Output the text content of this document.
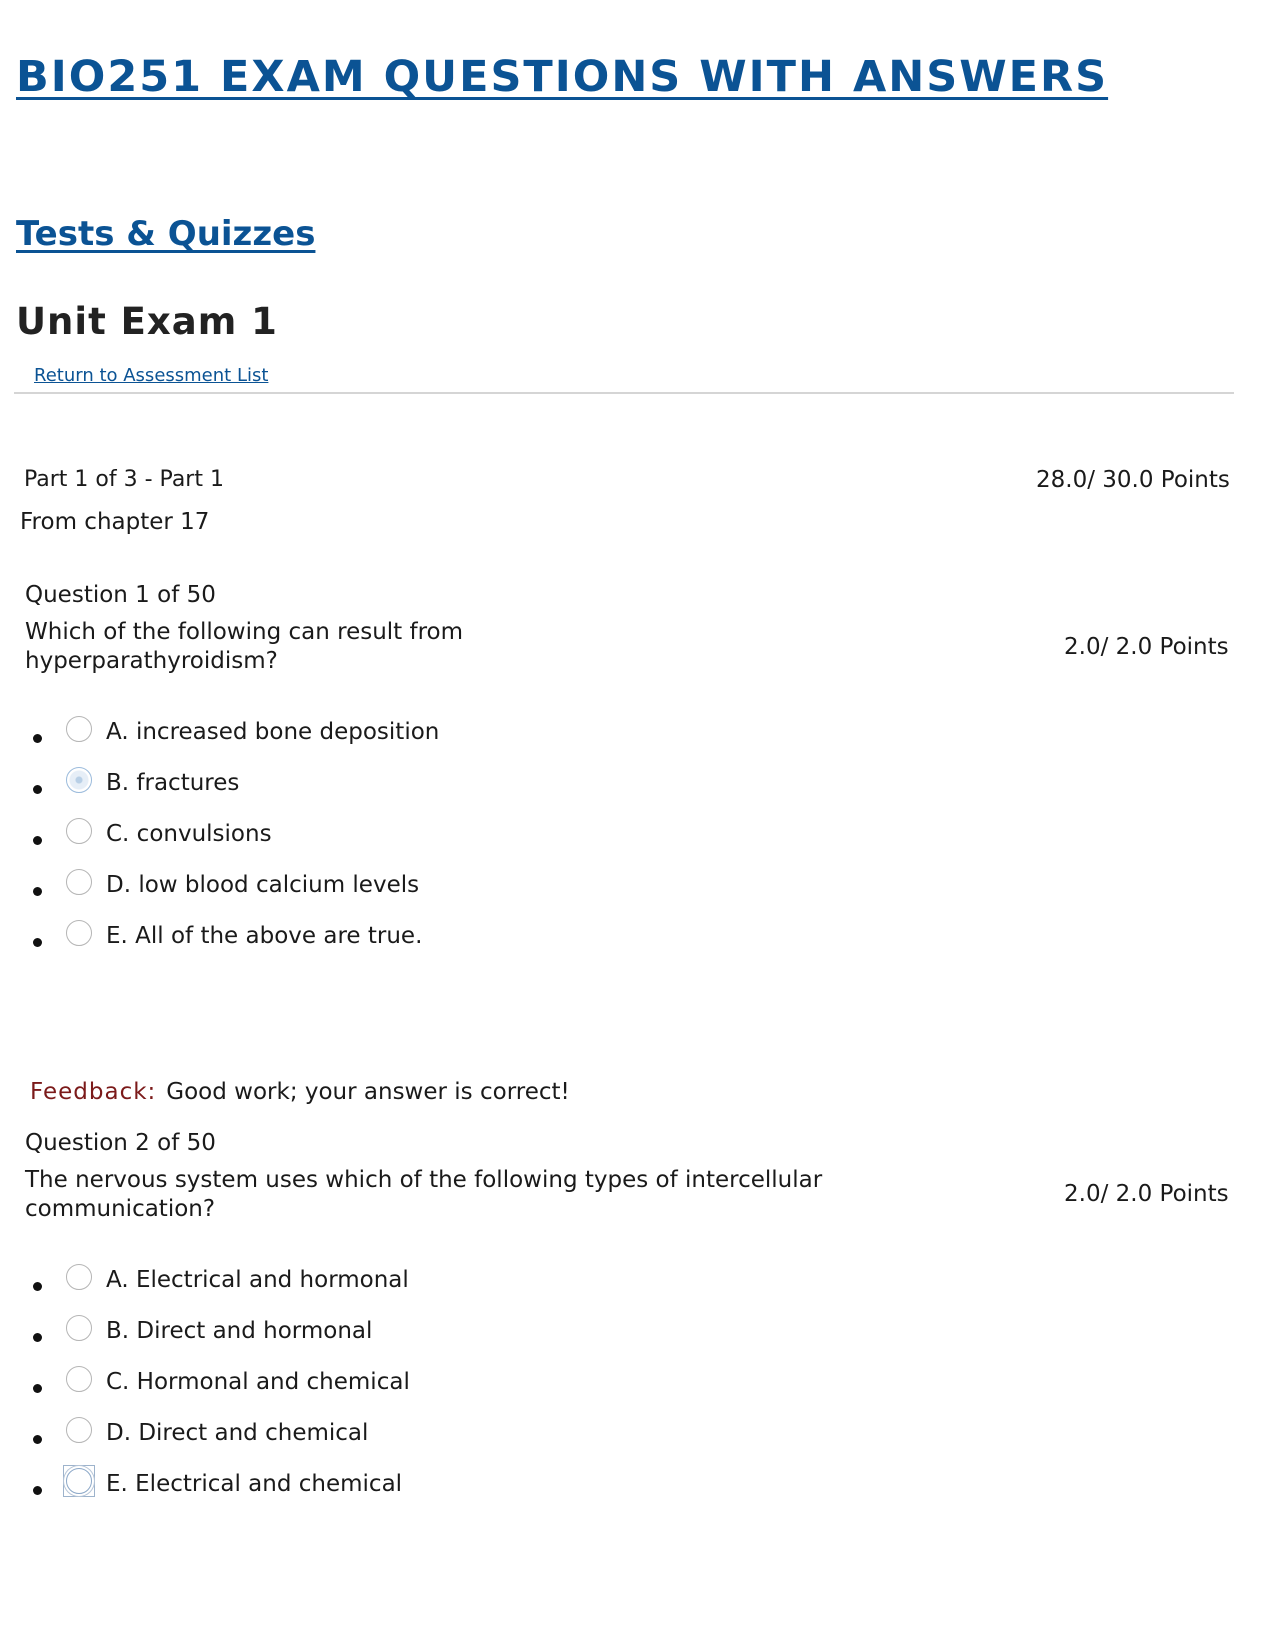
BIO251 EXAM QUESTIONS WITH ANSWERS
Tests & Quizzes
Unit Exam 1
Return to Assessment List
Part 1 of 3 - Part 1	28.0/ 30.0 Points
From chapter 17
Question 1 of 50
Which of the following can result from hyperparathyroidism?
2.0/ 2.0 Points
A. increased bone deposition
B. fractures
C. convulsions
D. low blood calcium levels
E. All of the above are true.
Feedback: Good work; your answer is correct!
Question 2 of 50
The nervous system uses which of the following types of intercellular communication?
2.0/ 2.0 Points
A. Electrical and hormonal
B. Direct and hormonal
C. Hormonal and chemical
D. Direct and chemical
E. Electrical and chemical
